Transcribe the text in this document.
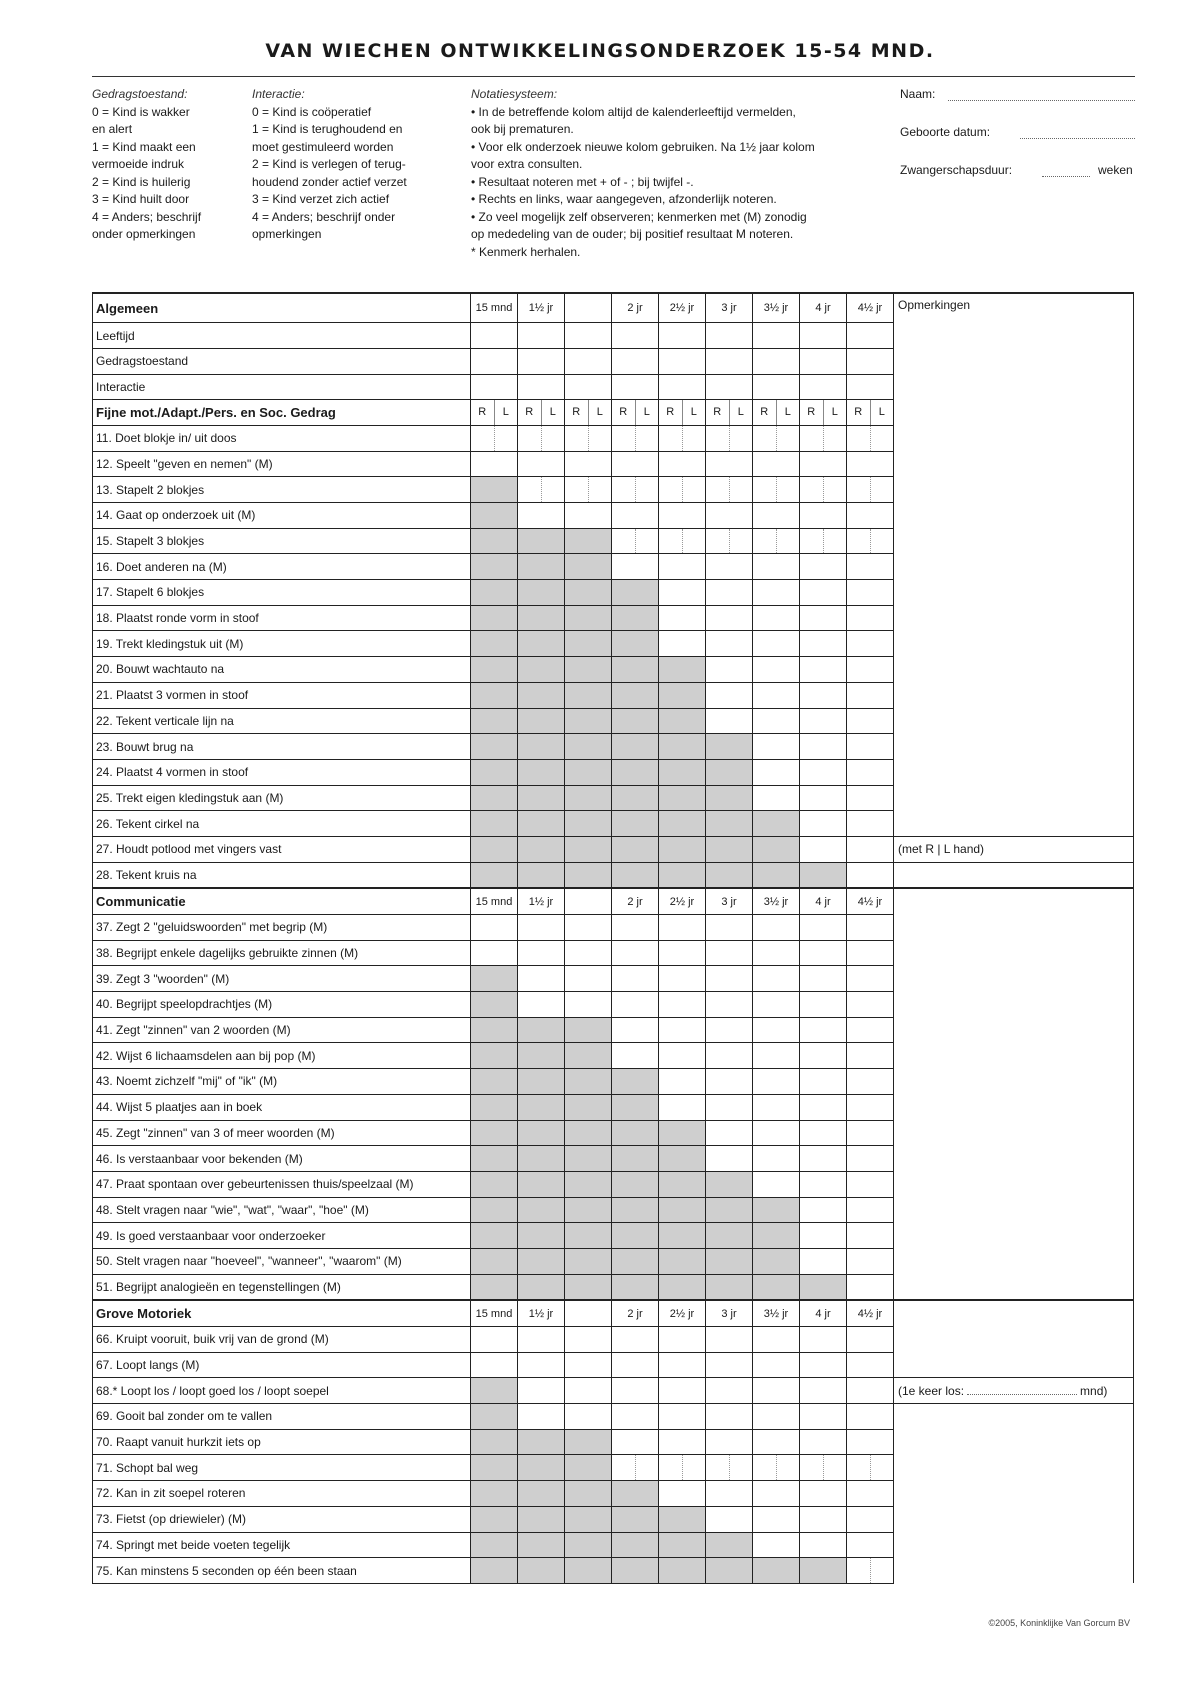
VAN WIECHEN ONTWIKKELINGSONDERZOEK 15-54 MND.
Gedragstoestand:
0 = Kind is wakker
en alert
1 = Kind maakt een
vermoeide indruk
2 = Kind is huilerig
3 = Kind huilt door
4 = Anders; beschrijf
onder opmerkingen
Interactie:
0 = Kind is coöperatief
1 = Kind is terughoudend en
moet gestimuleerd worden
2 = Kind is verlegen of terug-
houdend zonder actief verzet
3 = Kind verzet zich actief
4 = Anders; beschrijf onder
opmerkingen
Notatiesysteem:
• In de betreffende kolom altijd de kalenderleeftijd vermelden,
ook bij prematuren.
• Voor elk onderzoek nieuwe kolom gebruiken. Na 1½ jaar kolom
voor extra consulten.
• Resultaat noteren met + of - ; bij twijfel -.
• Rechts en links, waar aangegeven, afzonderlijk noteren.
• Zo veel mogelijk zelf observeren; kenmerken met (M) zonodig
op mededeling van de ouder; bij positief resultaat M noteren.
* Kenmerk herhalen.
Naam:
Geboorte datum:
Zwangerschapsduur:	weken
Algemeen	15 mnd	1½ jr		2 jr	2½ jr	3 jr	3½ jr	4 jr	4½ jr	Opmerkingen
Leeftijd										
Gedragstoestand										
Interactie										
Fijne mot./Adapt./Pers. en Soc. Gedrag	R L	R L	R L	R L	R L	R L	R L	R L	R L	

11. Doet blokje in/ uit doos	

12. Speelt "geven en nemen" (M)										
13. Stapelt 2 blokjes		

14. Gaat op onderzoek uit (M)										
15. Stapelt 3 blokjes				

16. Doet anderen na (M)										
17. Stapelt 6 blokjes										
18. Plaatst ronde vorm in stoof										
19. Trekt kledingstuk uit (M)										
20. Bouwt wachtauto na										
21. Plaatst 3 vormen in stoof										
22. Tekent verticale lijn na										
23. Bouwt brug na										
24. Plaatst 4 vormen in stoof										
25. Trekt eigen kledingstuk aan (M)										
26. Tekent cirkel na										
27. Houdt potlood met vingers vast										(met R | L hand)
28. Tekent kruis na										
Communicatie	15 mnd	1½ jr		2 jr	2½ jr	3 jr	3½ jr	4 jr	4½ jr	
37. Zegt 2 "geluidswoorden" met begrip (M)										
38. Begrijpt enkele dagelijks gebruikte zinnen (M)										
39. Zegt 3 "woorden" (M)										
40. Begrijpt speelopdrachtjes (M)										
41. Zegt "zinnen" van 2 woorden (M)										
42. Wijst 6 lichaamsdelen aan bij pop (M)										
43. Noemt zichzelf "mij" of "ik" (M)										
44. Wijst 5 plaatjes aan in boek										
45. Zegt "zinnen" van 3 of meer woorden (M)										
46. Is verstaanbaar voor bekenden (M)										
47. Praat spontaan over gebeurtenissen thuis/speelzaal (M)										
48. Stelt vragen naar "wie", "wat", "waar", "hoe" (M)										
49. Is goed verstaanbaar voor onderzoeker										
50. Stelt vragen naar "hoeveel", "wanneer", "waarom" (M)										
51. Begrijpt analogieën en tegenstellingen (M)										
Grove Motoriek	15 mnd	1½ jr		2 jr	2½ jr	3 jr	3½ jr	4 jr	4½ jr	
66. Kruipt vooruit, buik vrij van de grond (M)										
67. Loopt langs (M)										
68.* Loopt los / loopt goed los / loopt soepel										(1e keer los: mnd)
69. Gooit bal zonder om te vallen										
70. Raapt vanuit hurkzit iets op										
71. Schopt bal weg				

72. Kan in zit soepel roteren										
73. Fietst (op driewieler) (M)										
74. Springt met beide voeten tegelijk										
75. Kan minstens 5 seconden op één been staan									

©2005, Koninklijke Van Gorcum BV
